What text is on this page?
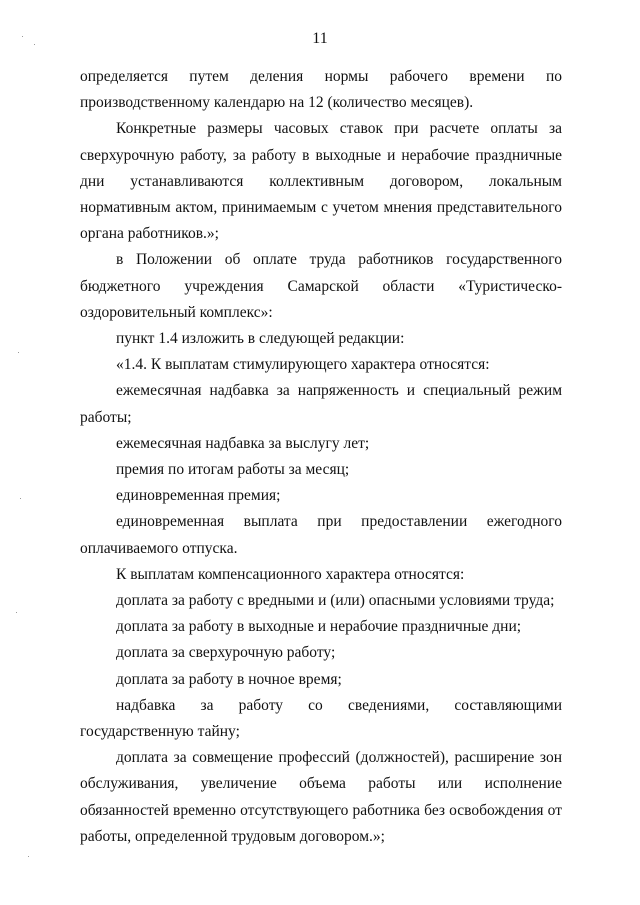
11

определяется путем деления нормы рабочего времени по производственному календарю на 12 (количество месяцев).

Конкретные размеры часовых ставок при расчете оплаты за сверхурочную работу, за работу в выходные и нерабочие праздничные дни устанавливаются коллективным договором, локальным нормативным актом, принимаемым с учетом мнения представительного органа работников.»;

в Положении об оплате труда работников государственного бюджетного учреждения Самарской области «Туристическо-оздоровительный комплекс»:

пункт 1.4 изложить в следующей редакции:

«1.4. К выплатам стимулирующего характера относятся:

ежемесячная надбавка за напряженность и специальный режим работы;

ежемесячная надбавка за выслугу лет;

премия по итогам работы за месяц;

единовременная премия;

единовременная выплата при предоставлении ежегодного оплачиваемого отпуска.

К выплатам компенсационного характера относятся:

доплата за работу с вредными и (или) опасными условиями труда;

доплата за работу в выходные и нерабочие праздничные дни;

доплата за сверхурочную работу;

доплата за работу в ночное время;

надбавка за работу со сведениями, составляющими государственную тайну;

доплата за совмещение профессий (должностей), расширение зон обслуживания, увеличение объема работы или исполнение обязанностей временно отсутствующего работника без освобождения от работы, определенной трудовым договором.»;
